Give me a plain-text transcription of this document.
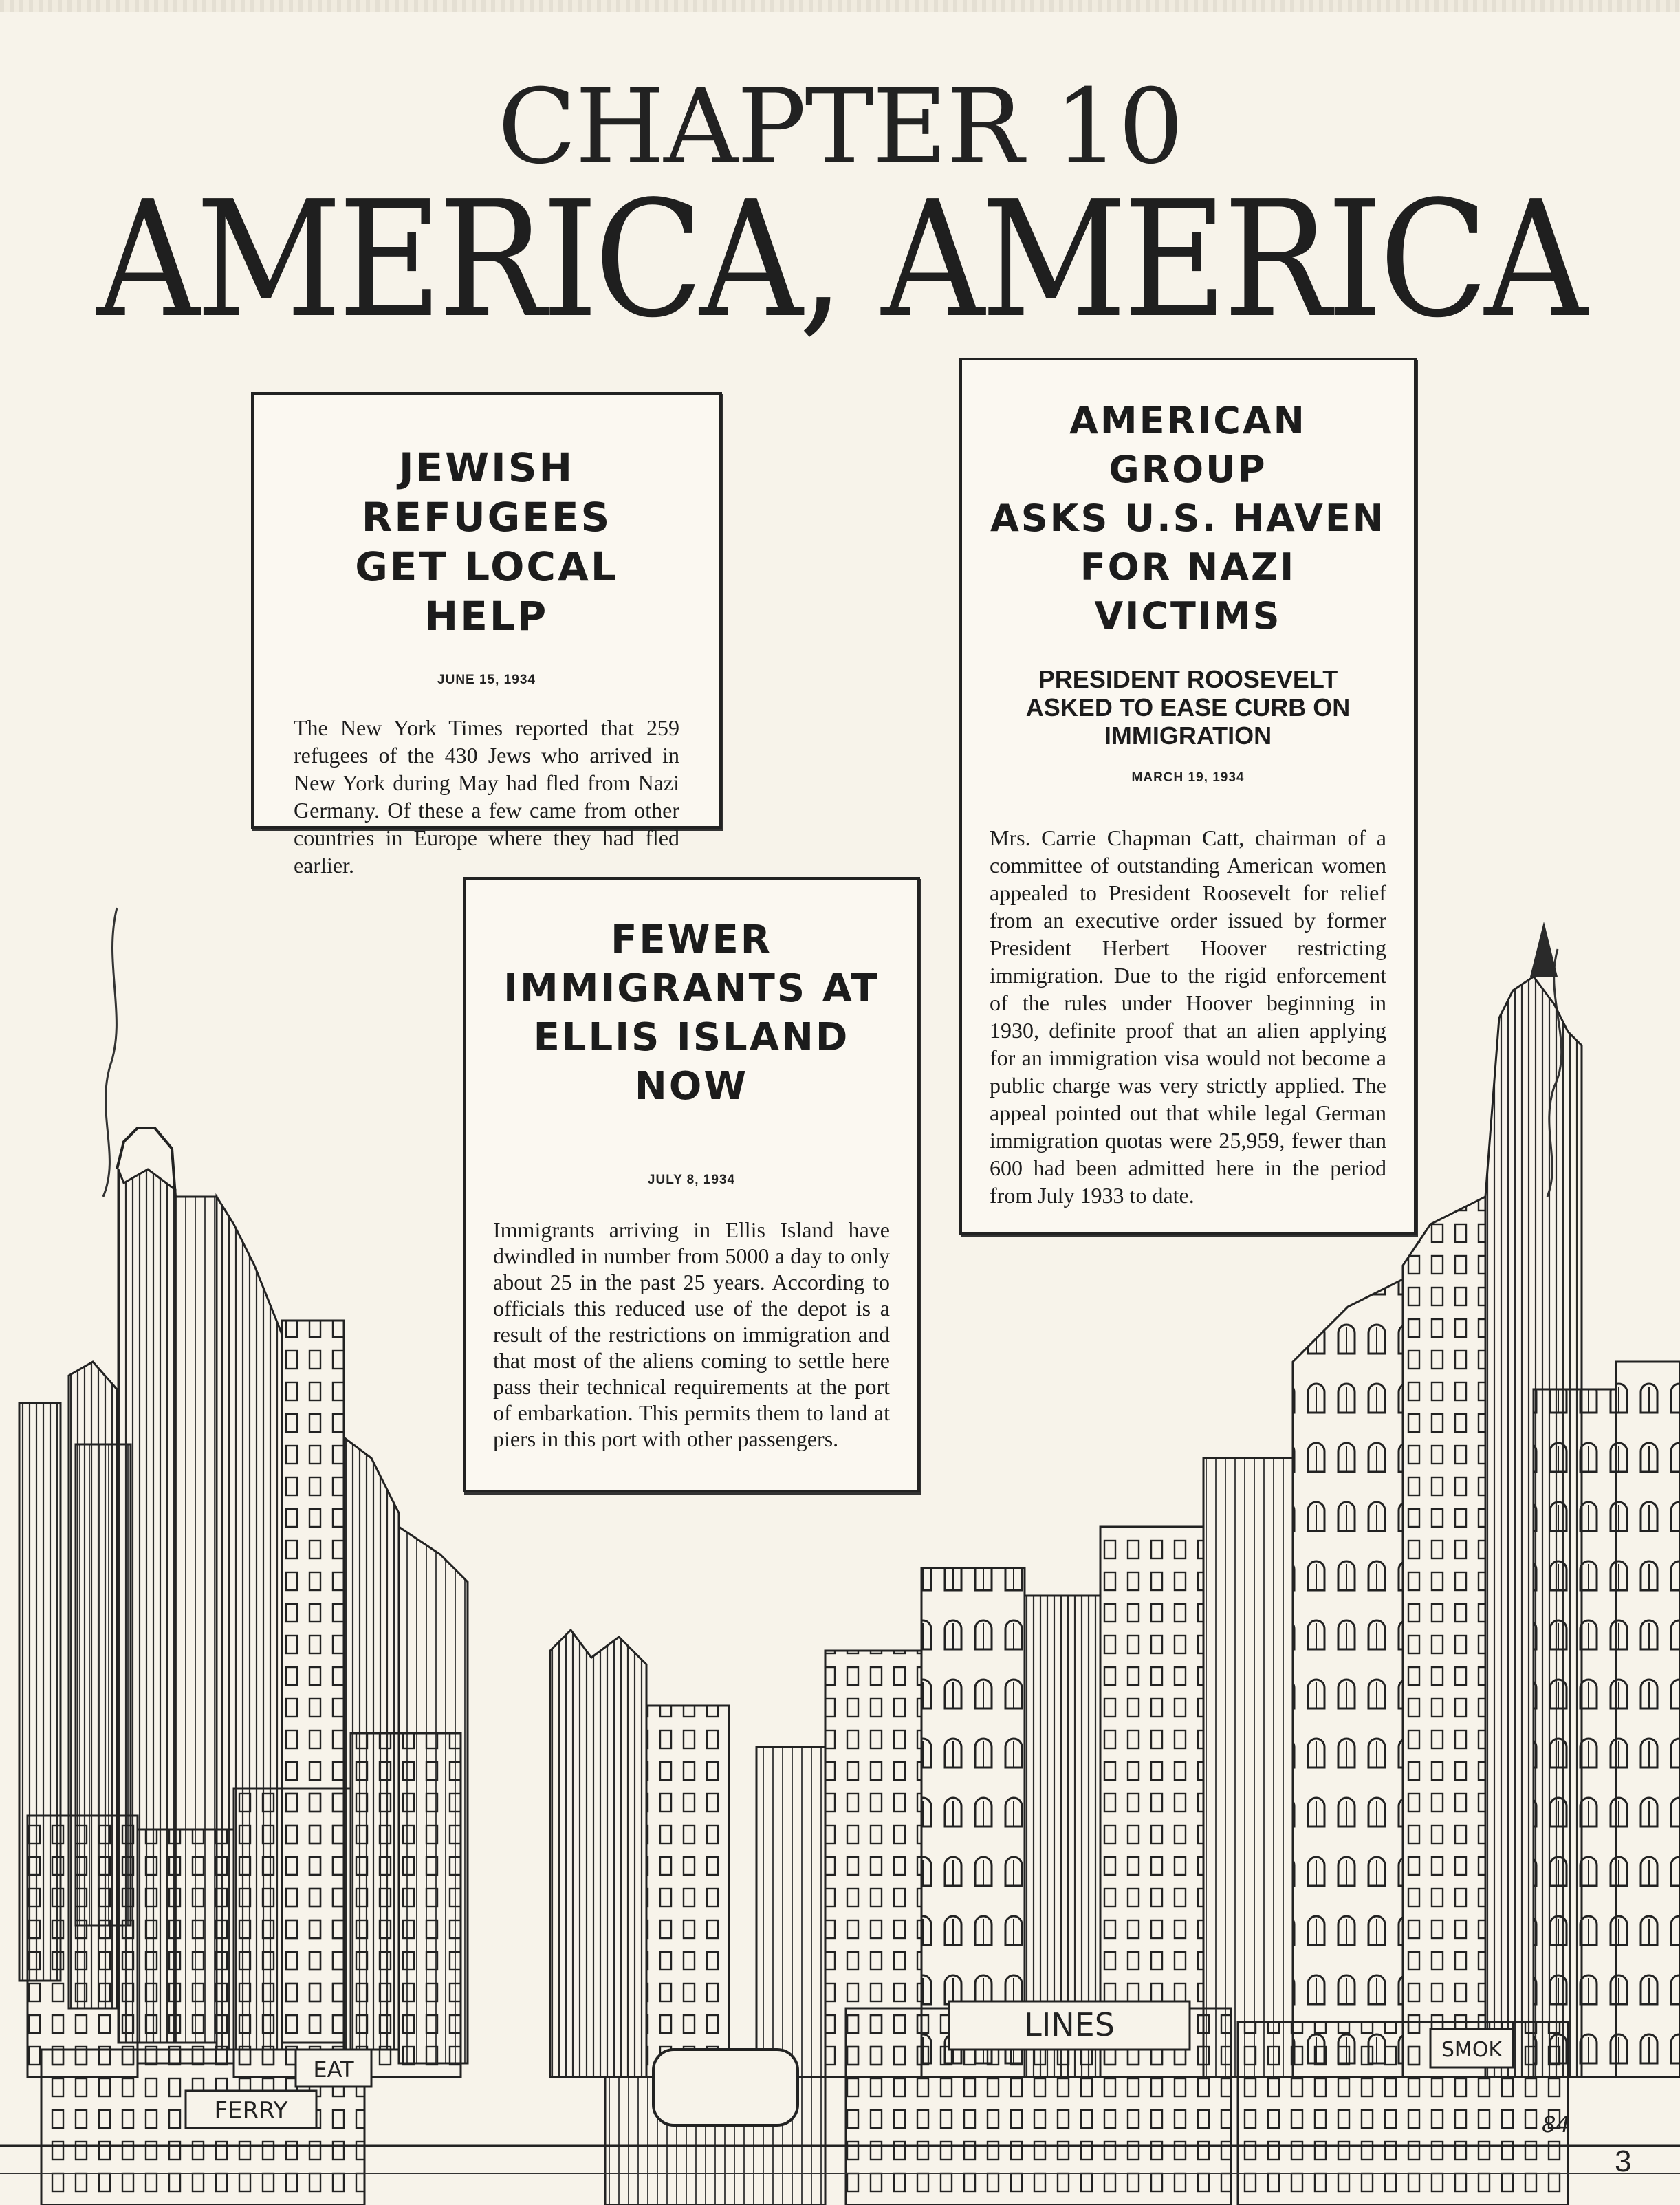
CHAPTER 10
AMERICA, AMERICA
EAT
FERRY
LINES
SMOK
84
JEWISH REFUGEES
GET LOCAL HELP
JUNE 15, 1934
The New York Times reported that 259 refugees of the 430 Jews who arrived in New York during May had fled from Nazi Germany. Of these a few came from other countries in Europe where they had fled earlier.
AMERICAN GROUP
ASKS U.S. HAVEN
FOR NAZI VICTIMS
PRESIDENT ROOSEVELT
ASKED TO EASE CURB ON
IMMIGRATION
MARCH 19, 1934
Mrs. Carrie Chapman Catt, chairman of a committee of outstanding American women appealed to President Roosevelt for relief from an executive order issued by former President Herbert Hoover restricting immigration. Due to the rigid enforcement of the rules under Hoover beginning in 1930, definite proof that an alien applying for an immigration visa would not become a public charge was very strictly applied. The appeal pointed out that while legal German immigration quotas were 25,959, fewer than 600 had been admitted here in the period from July 1933 to date.
FEWER
IMMIGRANTS AT
ELLIS ISLAND NOW
JULY 8, 1934
Immigrants arriving in Ellis Island have dwindled in number from 5000 a day to only about 25 in the past 25 years. According to officials this reduced use of the depot is a result of the restrictions on immigration and that most of the aliens coming to settle here pass their technical requirements at the port of embarkation. This permits them to land at piers in this port with other passengers.
3
